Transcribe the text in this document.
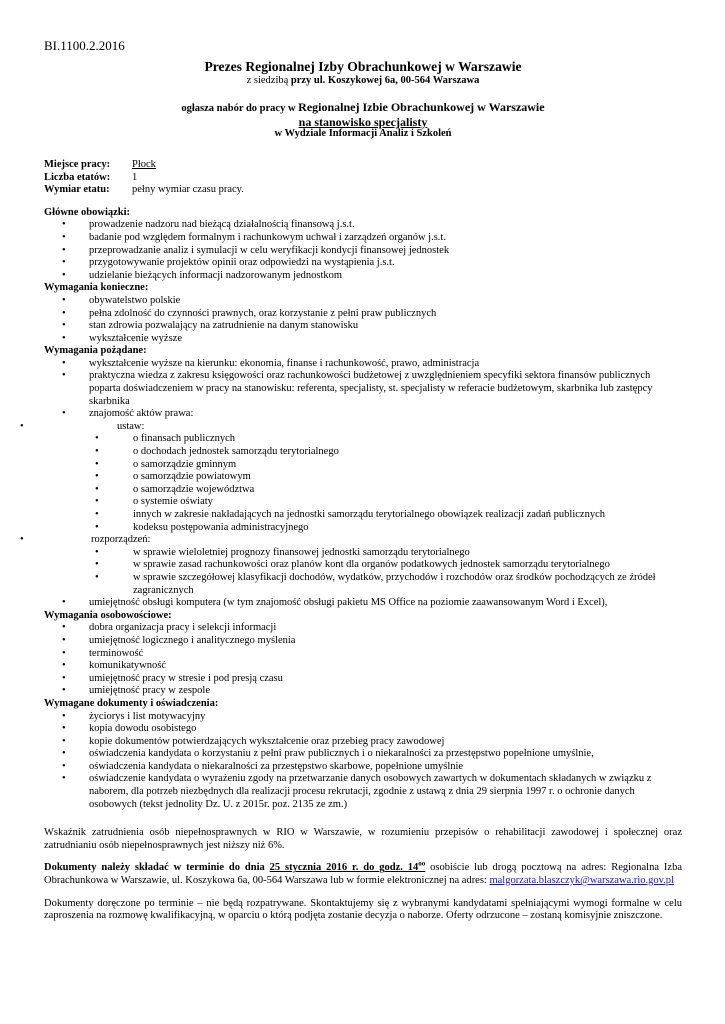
BI.1100.2.2016
Prezes Regionalnej Izby Obrachunkowej w Warszawie
z siedzibą przy ul. Koszykowej 6a, 00-564 Warszawa
ogłasza nabór do pracy w Regionalnej Izbie Obrachunkowej w Warszawie
na stanowisko specjalisty
w Wydziale Informacji Analiz i Szkoleń
Miejsce pracy:	Płock
Liczba etatów:	1
Wymiar etatu:	pełny wymiar czasu pracy.
Główne obowiązki:
• prowadzenie nadzoru nad bieżącą działalnością finansową j.s.t.
• badanie pod względem formalnym i rachunkowym uchwał i zarządzeń organów j.s.t.
• przeprowadzanie analiz i symulacji w celu weryfikacji kondycji finansowej jednostek
• przygotowywanie projektów opinii oraz odpowiedzi na wystąpienia j.s.t.
• udzielanie bieżących informacji nadzorowanym jednostkom
Wymagania konieczne:
• obywatelstwo polskie
• pełna zdolność do czynności prawnych, oraz korzystanie z pełni praw publicznych
• stan zdrowia pozwalający na zatrudnienie na danym stanowisku
• wykształcenie wyższe
Wymagania pożądane:
• wykształcenie wyższe na kierunku: ekonomia, finanse i rachunkowość, prawo, administracja
• praktyczna wiedza z zakresu księgowości oraz rachunkowości budżetowej z uwzględnieniem specyfiki sektora finansów publicznych poparta doświadczeniem w pracy na stanowisku: referenta, specjalisty, st. specjalisty w referacie budżetowym, skarbnika lub zastępcy skarbnika
• znajomość aktów prawa:
• ustaw:
• o finansach publicznych
• o dochodach jednostek samorządu terytorialnego
• o samorządzie gminnym
• o samorządzie powiatowym
• o samorządzie województwa
• o systemie oświaty
• innych w zakresie nakładających na jednostki samorządu terytorialnego obowiązek realizacji zadań publicznych
• kodeksu postępowania administracyjnego
• rozporządzeń:
• w sprawie wieloletniej prognozy finansowej jednostki samorządu terytorialnego
• w sprawie zasad rachunkowości oraz planów kont dla organów podatkowych jednostek samorządu terytorialnego
• w sprawie szczegółowej klasyfikacji dochodów, wydatków, przychodów i rozchodów oraz środków pochodzących ze źródeł zagranicznych
• umiejętność obsługi komputera (w tym znajomość obsługi pakietu MS Office na poziomie zaawansowanym Word i Excel),
Wymagania osobowościowe:
• dobra organizacja pracy i selekcji informacji
• umiejętność logicznego i analitycznego myślenia
• terminowość
• komunikatywność
• umiejętność pracy w stresie i pod presją czasu
• umiejętność pracy w zespole
Wymagane dokumenty i oświadczenia:
• życiorys i list motywacyjny
• kopia dowodu osobistego
• kopie dokumentów potwierdzających wykształcenie oraz przebieg pracy zawodowej
• oświadczenia kandydata o korzystaniu z pełni praw publicznych i o niekaralności za przestępstwo popełnione umyślnie,
• oświadczenia kandydata o niekaralności za przestępstwo skarbowe, popełnione umyślnie
• oświadczenie kandydata o wyrażeniu zgody na przetwarzanie danych osobowych zawartych w dokumentach składanych w związku z naborem, dla potrzeb niezbędnych dla realizacji procesu rekrutacji, zgodnie z ustawą z dnia 29 sierpnia 1997 r. o ochronie danych osobowych (tekst jednolity Dz. U. z 2015r. poz. 2135 ze zm.)
Wskaźnik zatrudnienia osób niepełnosprawnych w RIO w Warszawie, w rozumieniu przepisów o rehabilitacji zawodowej i społecznej oraz zatrudnianiu osób niepełnosprawnych jest niższy niż 6%.
Dokumenty należy składać w terminie do dnia 25 stycznia 2016 r. do godz. $14^{oo}$ osobiście lub drogą pocztową na adres: Regionalna Izba Obrachunkowa w Warszawie, ul. Koszykowa 6a, 00-564 Warszawa lub w formie elektronicznej na adres: malgorzata.blaszczyk@warszawa.rio.gov.pl
Dokumenty doręczone po terminie – nie będą rozpatrywane. Skontaktujemy się z wybranymi kandydatami spełniającymi wymogi formalne w celu zaproszenia na rozmowę kwalifikacyjną, w oparciu o którą podjęta zostanie decyzja o naborze. Oferty odrzucone – zostaną komisyjnie zniszczone.
